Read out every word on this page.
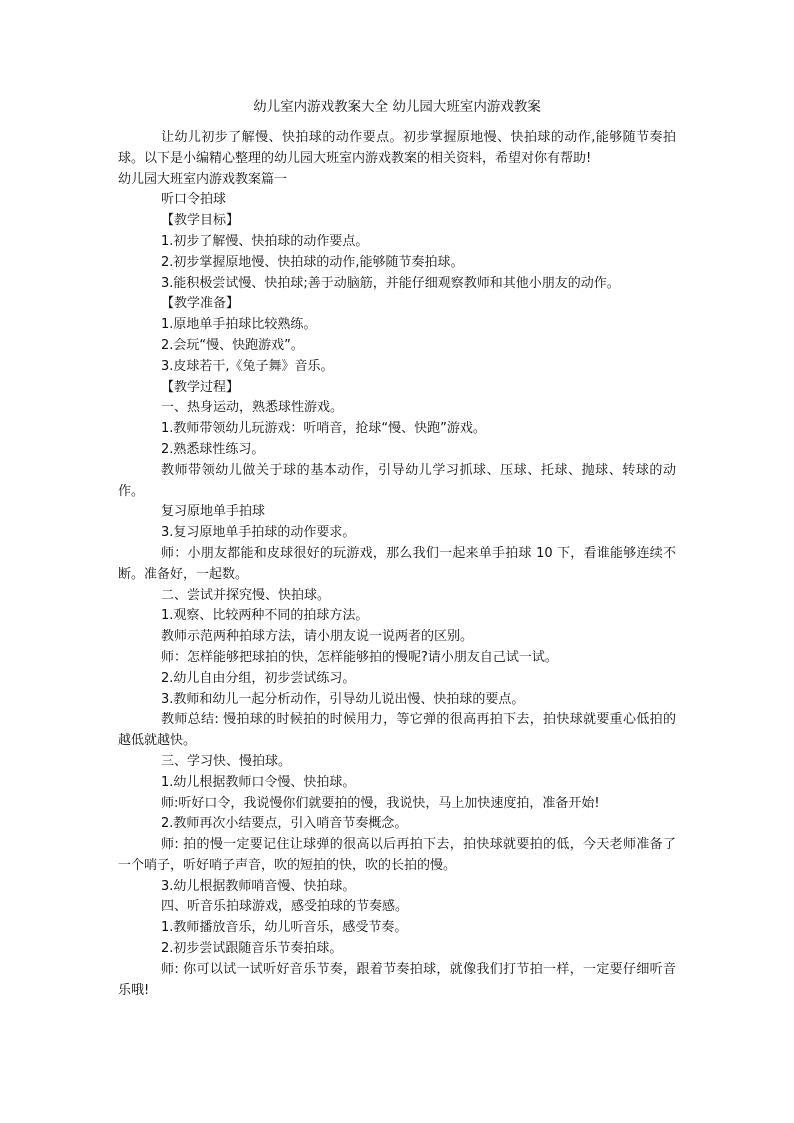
幼儿室内游戏教案大全 幼儿园大班室内游戏教案

让幼儿初步了解慢、快拍球的动作要点。初步掌握原地慢、快拍球的动作,能够随节奏拍球。以下是小编精心整理的幼儿园大班室内游戏教案的相关资料，希望对你有帮助!

幼儿园大班室内游戏教案篇一

听口令拍球

【教学目标】

1.初步了解慢、快拍球的动作要点。

2.初步掌握原地慢、快拍球的动作,能够随节奏拍球。

3.能积极尝试慢、快拍球;善于动脑筋，并能仔细观察教师和其他小朋友的动作。

【教学准备】

1.原地单手拍球比较熟练。

2.会玩“慢、快跑游戏”。

3.皮球若干,《兔子舞》音乐。

【教学过程】

一、热身运动，熟悉球性游戏。

1.教师带领幼儿玩游戏：听哨音，抢球“慢、快跑”游戏。

2.熟悉球性练习。

教师带领幼儿做关于球的基本动作，引导幼儿学习抓球、压球、托球、抛球、转球的动作。

复习原地单手拍球

3.复习原地单手拍球的动作要求。

师：小朋友都能和皮球很好的玩游戏，那么我们一起来单手拍球 10 下，看谁能够连续不断。准备好，一起数。

二、尝试并探究慢、快拍球。

1.观察、比较两种不同的拍球方法。

教师示范两种拍球方法，请小朋友说一说两者的区别。

师：怎样能够把球拍的快，怎样能够拍的慢呢?请小朋友自己试一试。

2.幼儿自由分组，初步尝试练习。

3.教师和幼儿一起分析动作，引导幼儿说出慢、快拍球的要点。

教师总结: 慢拍球的时候拍的时候用力，等它弹的很高再拍下去，拍快球就要重心低拍的越低就越快。

三、学习快、慢拍球。

1.幼儿根据教师口令慢、快拍球。

师:听好口令，我说慢你们就要拍的慢，我说快，马上加快速度拍，准备开始!

2.教师再次小结要点，引入哨音节奏概念。

师: 拍的慢一定要记住让球弹的很高以后再拍下去，拍快球就要拍的低，今天老师准备了一个哨子，听好哨子声音，吹的短拍的快，吹的长拍的慢。

3.幼儿根据教师哨音慢、快拍球。

四、听音乐拍球游戏，感受拍球的节奏感。

1.教师播放音乐，幼儿听音乐，感受节奏。

2.初步尝试跟随音乐节奏拍球。

师: 你可以试一试听好音乐节奏，跟着节奏拍球，就像我们打节拍一样，一定要仔细听音乐哦!
